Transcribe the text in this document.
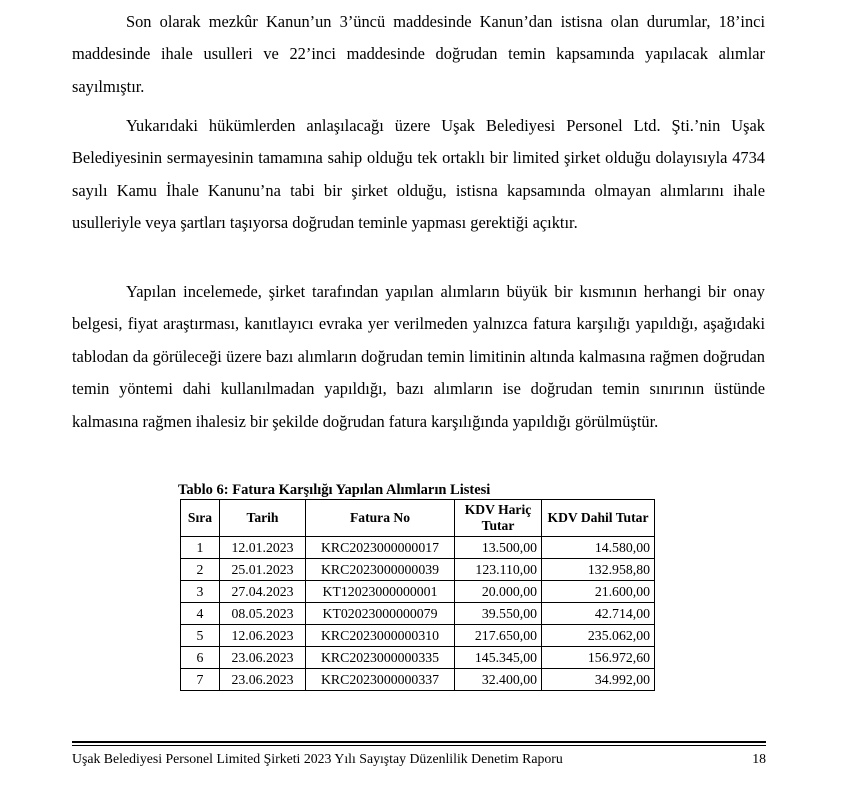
Son olarak mezkûr Kanun’un 3’üncü maddesinde Kanun’dan istisna olan durumlar, 18’inci maddesinde ihale usulleri ve 22’inci maddesinde doğrudan temin kapsamında yapılacak alımlar sayılmıştır.

Yukarıdaki hükümlerden anlaşılacağı üzere Uşak Belediyesi Personel Ltd. Şti.’nin Uşak Belediyesinin sermayesinin tamamına sahip olduğu tek ortaklı bir limited şirket olduğu dolayısıyla 4734 sayılı Kamu İhale Kanunu’na tabi bir şirket olduğu, istisna kapsamında olmayan alımlarını ihale usulleriyle veya şartları taşıyorsa doğrudan teminle yapması gerektiği açıktır.

Yapılan incelemede, şirket tarafından yapılan alımların büyük bir kısmının herhangi bir onay belgesi, fiyat araştırması, kanıtlayıcı evraka yer verilmeden yalnızca fatura karşılığı yapıldığı, aşağıdaki tablodan da görüleceği üzere bazı alımların doğrudan temin limitinin altında kalmasına rağmen doğrudan temin yöntemi dahi kullanılmadan yapıldığı, bazı alımların ise doğrudan temin sınırının üstünde kalmasına rağmen ihalesiz bir şekilde doğrudan fatura karşılığında yapıldığı görülmüştür.

Tablo 6: Fatura Karşılığı Yapılan Alımların Listesi
Sıra	Tarih	Fatura No	KDV Hariç Tutar	KDV Dahil Tutar
1	12.01.2023	KRC2023000000017	13.500,00	14.580,00
2	25.01.2023	KRC2023000000039	123.110,00	132.958,80
3	27.04.2023	KT12023000000001	20.000,00	21.600,00
4	08.05.2023	KT02023000000079	39.550,00	42.714,00
5	12.06.2023	KRC2023000000310	217.650,00	235.062,00
6	23.06.2023	KRC2023000000335	145.345,00	156.972,60
7	23.06.2023	KRC2023000000337	32.400,00	34.992,00
Uşak Belediyesi Personel Limited Şirketi 2023 Yılı Sayıştay Düzenlilik Denetim Raporu	18
